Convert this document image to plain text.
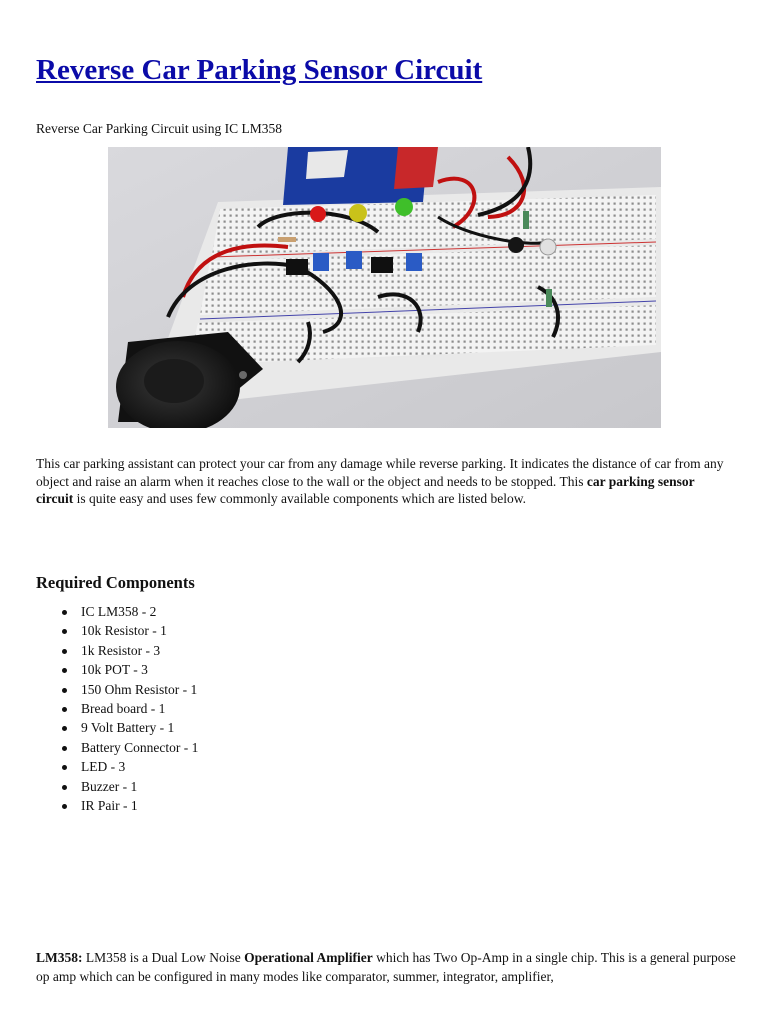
Reverse Car Parking Sensor Circuit
Reverse Car Parking Circuit using IC LM358

This car parking assistant can protect your car from any damage while reverse parking. It indicates the distance of car from any object and raise an alarm when it reaches close to the wall or the object and needs to be stopped. This car parking sensor circuit is quite easy and uses few commonly available components which are listed below.

Required Components
IC LM358 - 2
10k Resistor - 1
1k Resistor - 3
10k POT - 3
150 Ohm Resistor - 1
Bread board - 1
9 Volt Battery - 1
Battery Connector - 1
LED - 3
Buzzer - 1
IR Pair - 1

LM358: LM358 is a Dual Low Noise Operational Amplifier which has Two Op-Amp in a single chip. This is a general purpose op amp which can be configured in many modes like comparator, summer, integrator, amplifier,
